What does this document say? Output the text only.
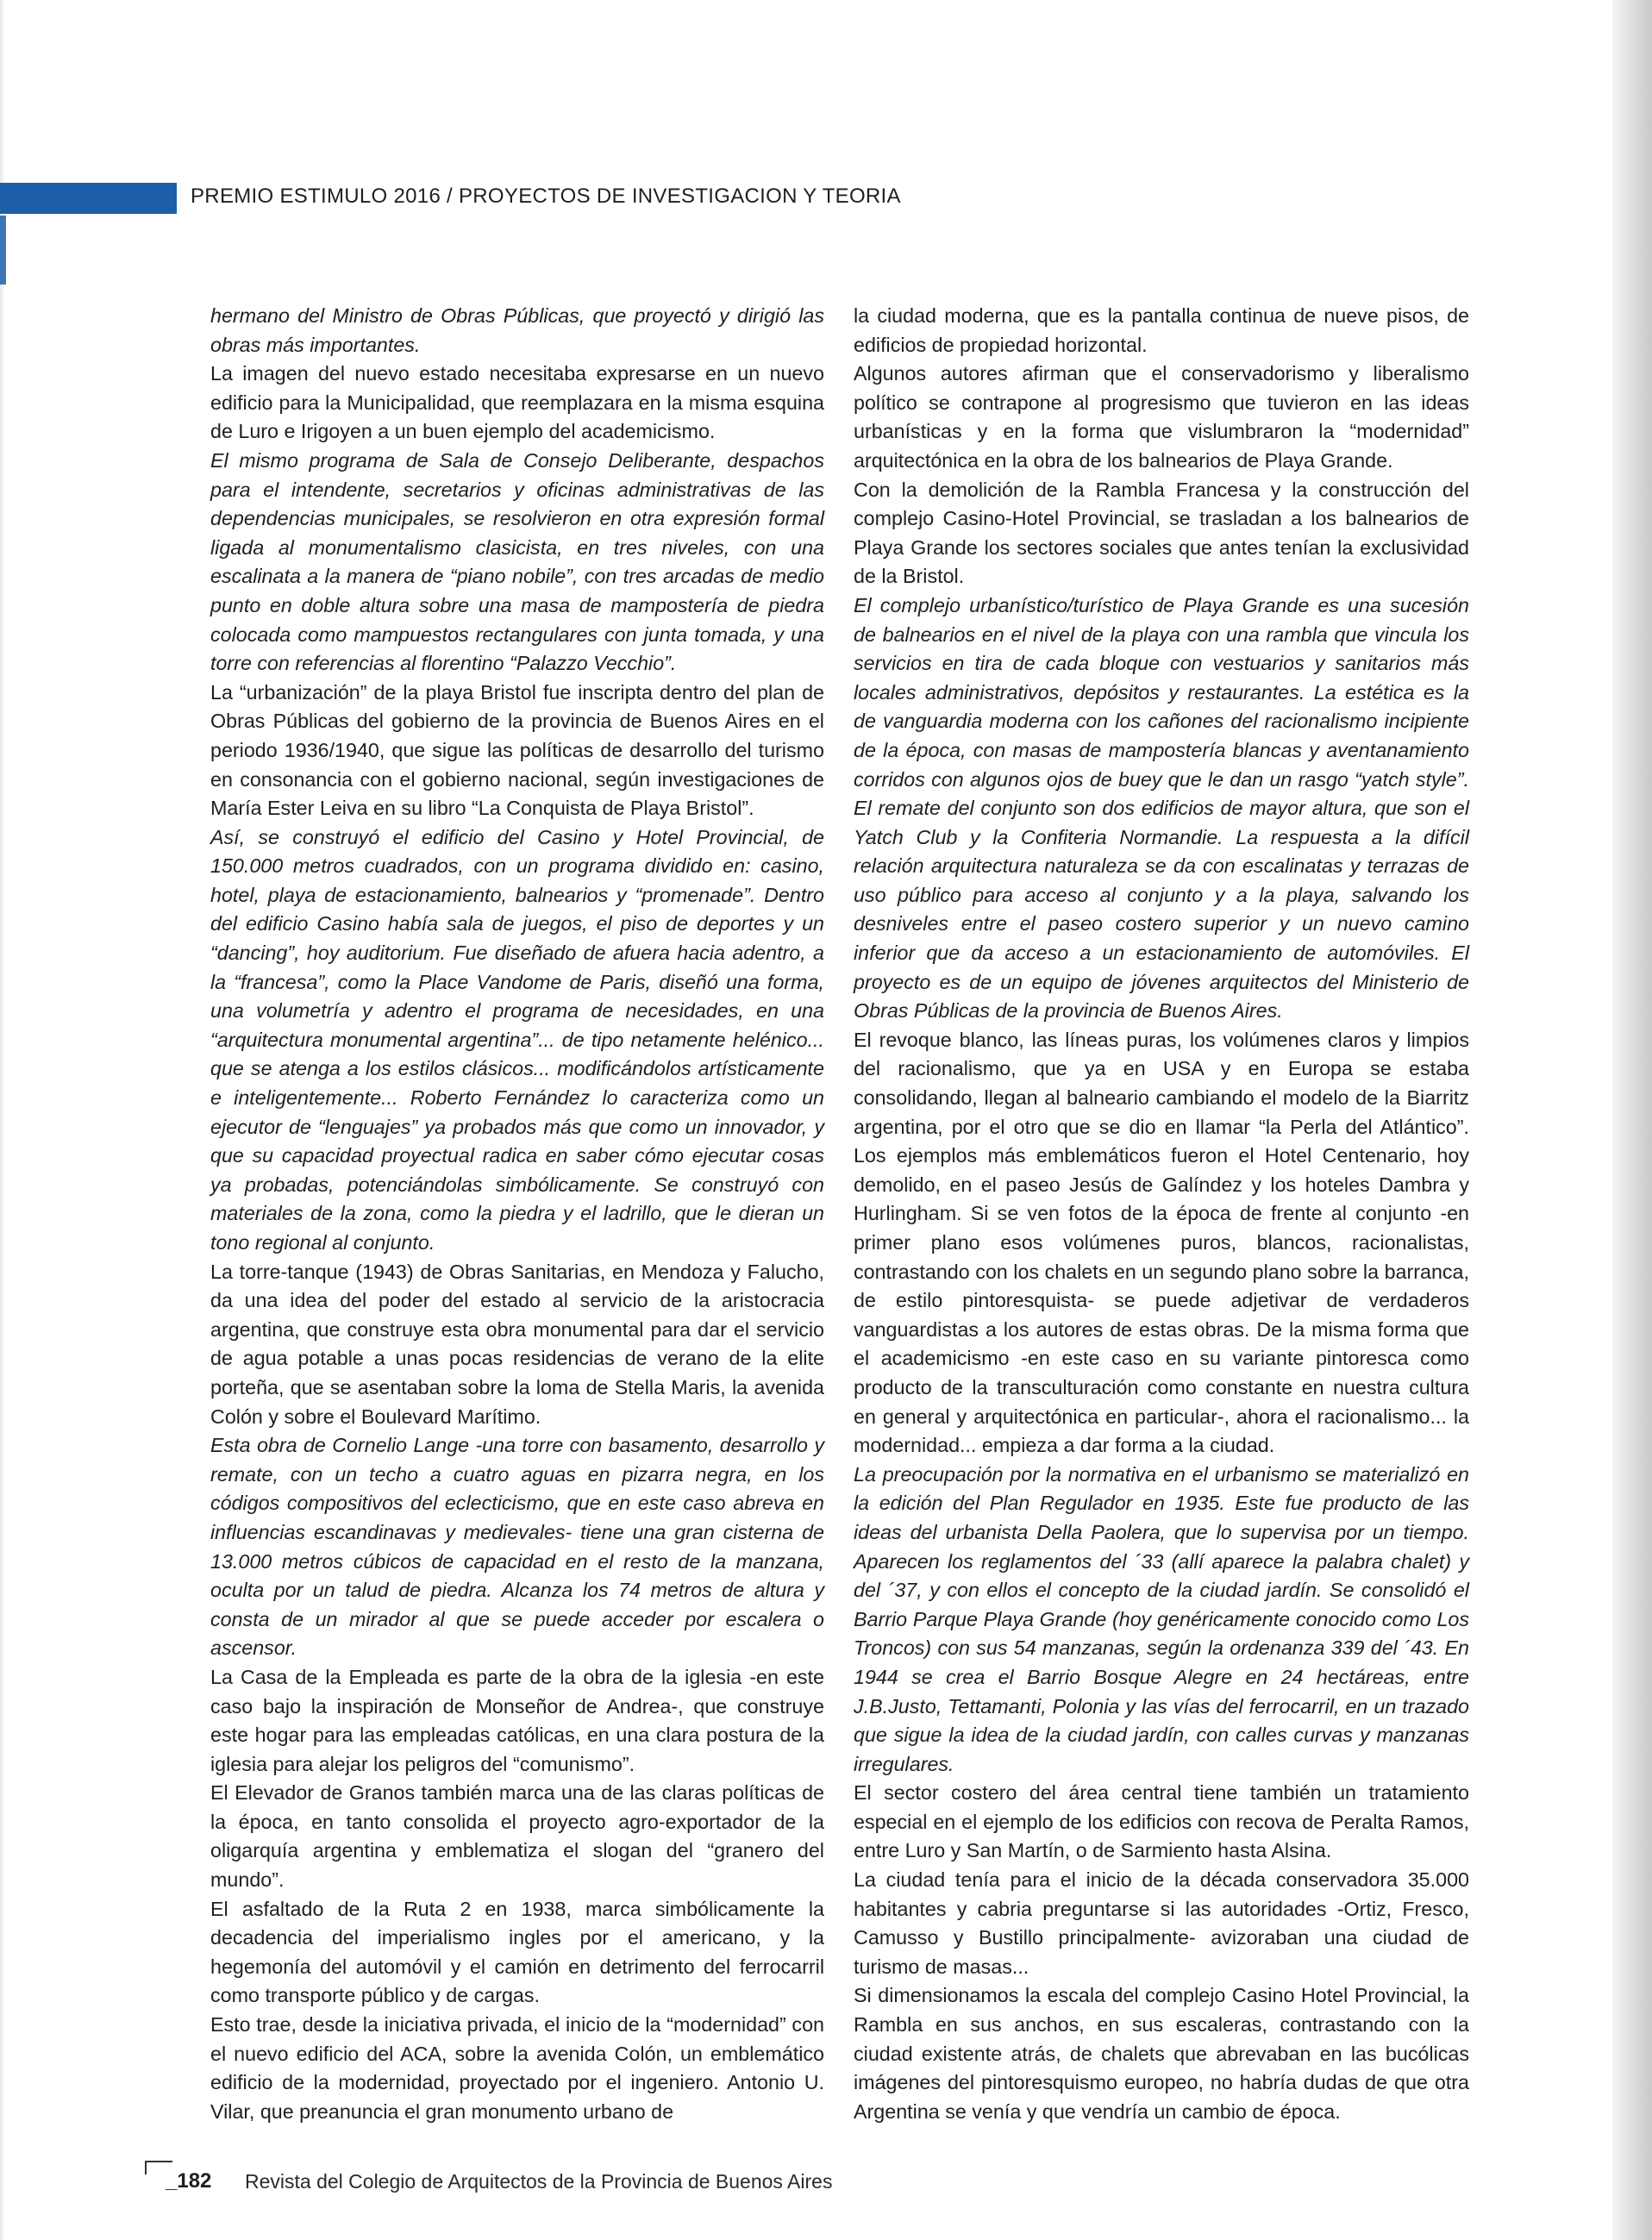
PREMIO ESTIMULO 2016 / PROYECTOS DE INVESTIGACION Y TEORIA

hermano del Ministro de Obras Públicas, que proyectó y dirigió las obras más importantes.

La imagen del nuevo estado necesitaba expresarse en un nuevo edificio para la Municipalidad, que reemplazara en la misma esquina de Luro e Irigoyen a un buen ejemplo del academicismo.

El mismo programa de Sala de Consejo Deliberante, despachos para el intendente, secretarios y oficinas administrativas de las dependencias municipales, se resolvieron en otra expresión formal ligada al monumentalismo clasicista, en tres niveles, con una escalinata a la manera de “piano nobile”, con tres arcadas de medio punto en doble altura sobre una masa de mampostería de piedra colocada como mampuestos rectangulares con junta tomada, y una torre con referencias al florentino “Palazzo Vecchio”.

La “urbanización” de la playa Bristol fue inscripta dentro del plan de Obras Públicas del gobierno de la provincia de Buenos Aires en el periodo 1936/1940, que sigue las políticas de desarrollo del turismo en consonancia con el gobierno nacional, según investigaciones de María Ester Leiva en su libro “La Conquista de Playa Bristol”.

Así, se construyó el edificio del Casino y Hotel Provincial, de 150.000 metros cuadrados, con un programa dividido en: casino, hotel, playa de estacionamiento, balnearios y “promenade”. Dentro del edificio Casino había sala de juegos, el piso de deportes y un “dancing”, hoy auditorium. Fue diseñado de afuera hacia adentro, a la “francesa”, como la Place Vandome de Paris, diseñó una forma, una volumetría y adentro el programa de necesidades, en una “arquitectura monumental argentina”... de tipo netamente helénico... que se atenga a los estilos clásicos... modificándolos artísticamente e inteligentemente... Roberto Fernández lo caracteriza como un ejecutor de “lenguajes” ya probados más que como un innovador, y que su capacidad proyectual radica en saber cómo ejecutar cosas ya probadas, potenciándolas simbólicamente. Se construyó con materiales de la zona, como la piedra y el ladrillo, que le dieran un tono regional al conjunto.

La torre-tanque (1943) de Obras Sanitarias, en Mendoza y Falucho, da una idea del poder del estado al servicio de la aristocracia argentina, que construye esta obra monumental para dar el servicio de agua potable a unas pocas residencias de verano de la elite porteña, que se asentaban sobre la loma de Stella Maris, la avenida Colón y sobre el Boulevard Marítimo.

Esta obra de Cornelio Lange -una torre con basamento, desarrollo y remate, con un techo a cuatro aguas en pizarra negra, en los códigos compositivos del eclecticismo, que en este caso abreva en influencias escandinavas y medievales- tiene una gran cisterna de 13.000 metros cúbicos de capacidad en el resto de la manzana, oculta por un talud de piedra. Alcanza los 74 metros de altura y consta de un mirador al que se puede acceder por escalera o ascensor.

La Casa de la Empleada es parte de la obra de la iglesia -en este caso bajo la inspiración de Monseñor de Andrea-, que construye este hogar para las empleadas católicas, en una clara postura de la iglesia para alejar los peligros del “comunismo”.

El Elevador de Granos también marca una de las claras políticas de la época, en tanto consolida el proyecto agro-exportador de la oligarquía argentina y emblematiza el slogan del “granero del mundo”.

El asfaltado de la Ruta 2 en 1938, marca simbólicamente la decadencia del imperialismo ingles por el americano, y la hegemonía del automóvil y el camión en detrimento del ferrocarril como transporte público y de cargas.

Esto trae, desde la iniciativa privada, el inicio de la “modernidad” con el nuevo edificio del ACA, sobre la avenida Colón, un emblemático edificio de la modernidad, proyectado por el ingeniero. Antonio U. Vilar, que preanuncia el gran monumento urbano de

la ciudad moderna, que es la pantalla continua de nueve pisos, de edificios de propiedad horizontal.

Algunos autores afirman que el conservadorismo y liberalismo político se contrapone al progresismo que tuvieron en las ideas urbanísticas y en la forma que vislumbraron la “modernidad” arquitectónica en la obra de los balnearios de Playa Grande.

Con la demolición de la Rambla Francesa y la construcción del complejo Casino-Hotel Provincial, se trasladan a los balnearios de Playa Grande los sectores sociales que antes tenían la exclusividad de la Bristol.

El complejo urbanístico/turístico de Playa Grande es una sucesión de balnearios en el nivel de la playa con una rambla que vincula los servicios en tira de cada bloque con vestuarios y sanitarios más locales administrativos, depósitos y restaurantes. La estética es la de vanguardia moderna con los cañones del racionalismo incipiente de la época, con masas de mampostería blancas y aventanamiento corridos con algunos ojos de buey que le dan un rasgo “yatch style”. El remate del conjunto son dos edificios de mayor altura, que son el Yatch Club y la Confiteria Normandie. La respuesta a la difícil relación arquitectura naturaleza se da con escalinatas y terrazas de uso público para acceso al conjunto y a la playa, salvando los desniveles entre el paseo costero superior y un nuevo camino inferior que da acceso a un estacionamiento de automóviles. El proyecto es de un equipo de jóvenes arquitectos del Ministerio de Obras Públicas de la provincia de Buenos Aires.

El revoque blanco, las líneas puras, los volúmenes claros y limpios del racionalismo, que ya en USA y en Europa se estaba consolidando, llegan al balneario cambiando el modelo de la Biarritz argentina, por el otro que se dio en llamar “la Perla del Atlántico”. Los ejemplos más emblemáticos fueron el Hotel Centenario, hoy demolido, en el paseo Jesús de Galíndez y los hoteles Dambra y Hurlingham. Si se ven fotos de la época de frente al conjunto -en primer plano esos volúmenes puros, blancos, racionalistas, contrastando con los chalets en un segundo plano sobre la barranca, de estilo pintoresquista- se puede adjetivar de verdaderos vanguardistas a los autores de estas obras. De la misma forma que el academicismo -en este caso en su variante pintoresca como producto de la transculturación como constante en nuestra cultura en general y arquitectónica en particular-, ahora el racionalismo... la modernidad... empieza a dar forma a la ciudad.

La preocupación por la normativa en el urbanismo se materializó en la edición del Plan Regulador en 1935. Este fue producto de las ideas del urbanista Della Paolera, que lo supervisa por un tiempo. Aparecen los reglamentos del ´33 (allí aparece la palabra chalet) y del ´37, y con ellos el concepto de la ciudad jardín. Se consolidó el Barrio Parque Playa Grande (hoy genéricamente conocido como Los Troncos) con sus 54 manzanas, según la ordenanza 339 del ´43. En 1944 se crea el Barrio Bosque Alegre en 24 hectáreas, entre J.B.Justo, Tettamanti, Polonia y las vías del ferrocarril, en un trazado que sigue la idea de la ciudad jardín, con calles curvas y manzanas irregulares.

El sector costero del área central tiene también un tratamiento especial en el ejemplo de los edificios con recova de Peralta Ramos, entre Luro y San Martín, o de Sarmiento hasta Alsina.

La ciudad tenía para el inicio de la década conservadora 35.000 habitantes y cabria preguntarse si las autoridades -Ortiz, Fresco, Camusso y Bustillo principalmente- avizoraban una ciudad de turismo de masas...

Si dimensionamos la escala del complejo Casino Hotel Provincial, la Rambla en sus anchos, en sus escaleras, contrastando con la ciudad existente atrás, de chalets que abrevaban en las bucólicas imágenes del pintoresquismo europeo, no habría dudas de que otra Argentina se venía y que vendría un cambio de época.

_182 Revista del Colegio de Arquitectos de la Provincia de Buenos Aires
